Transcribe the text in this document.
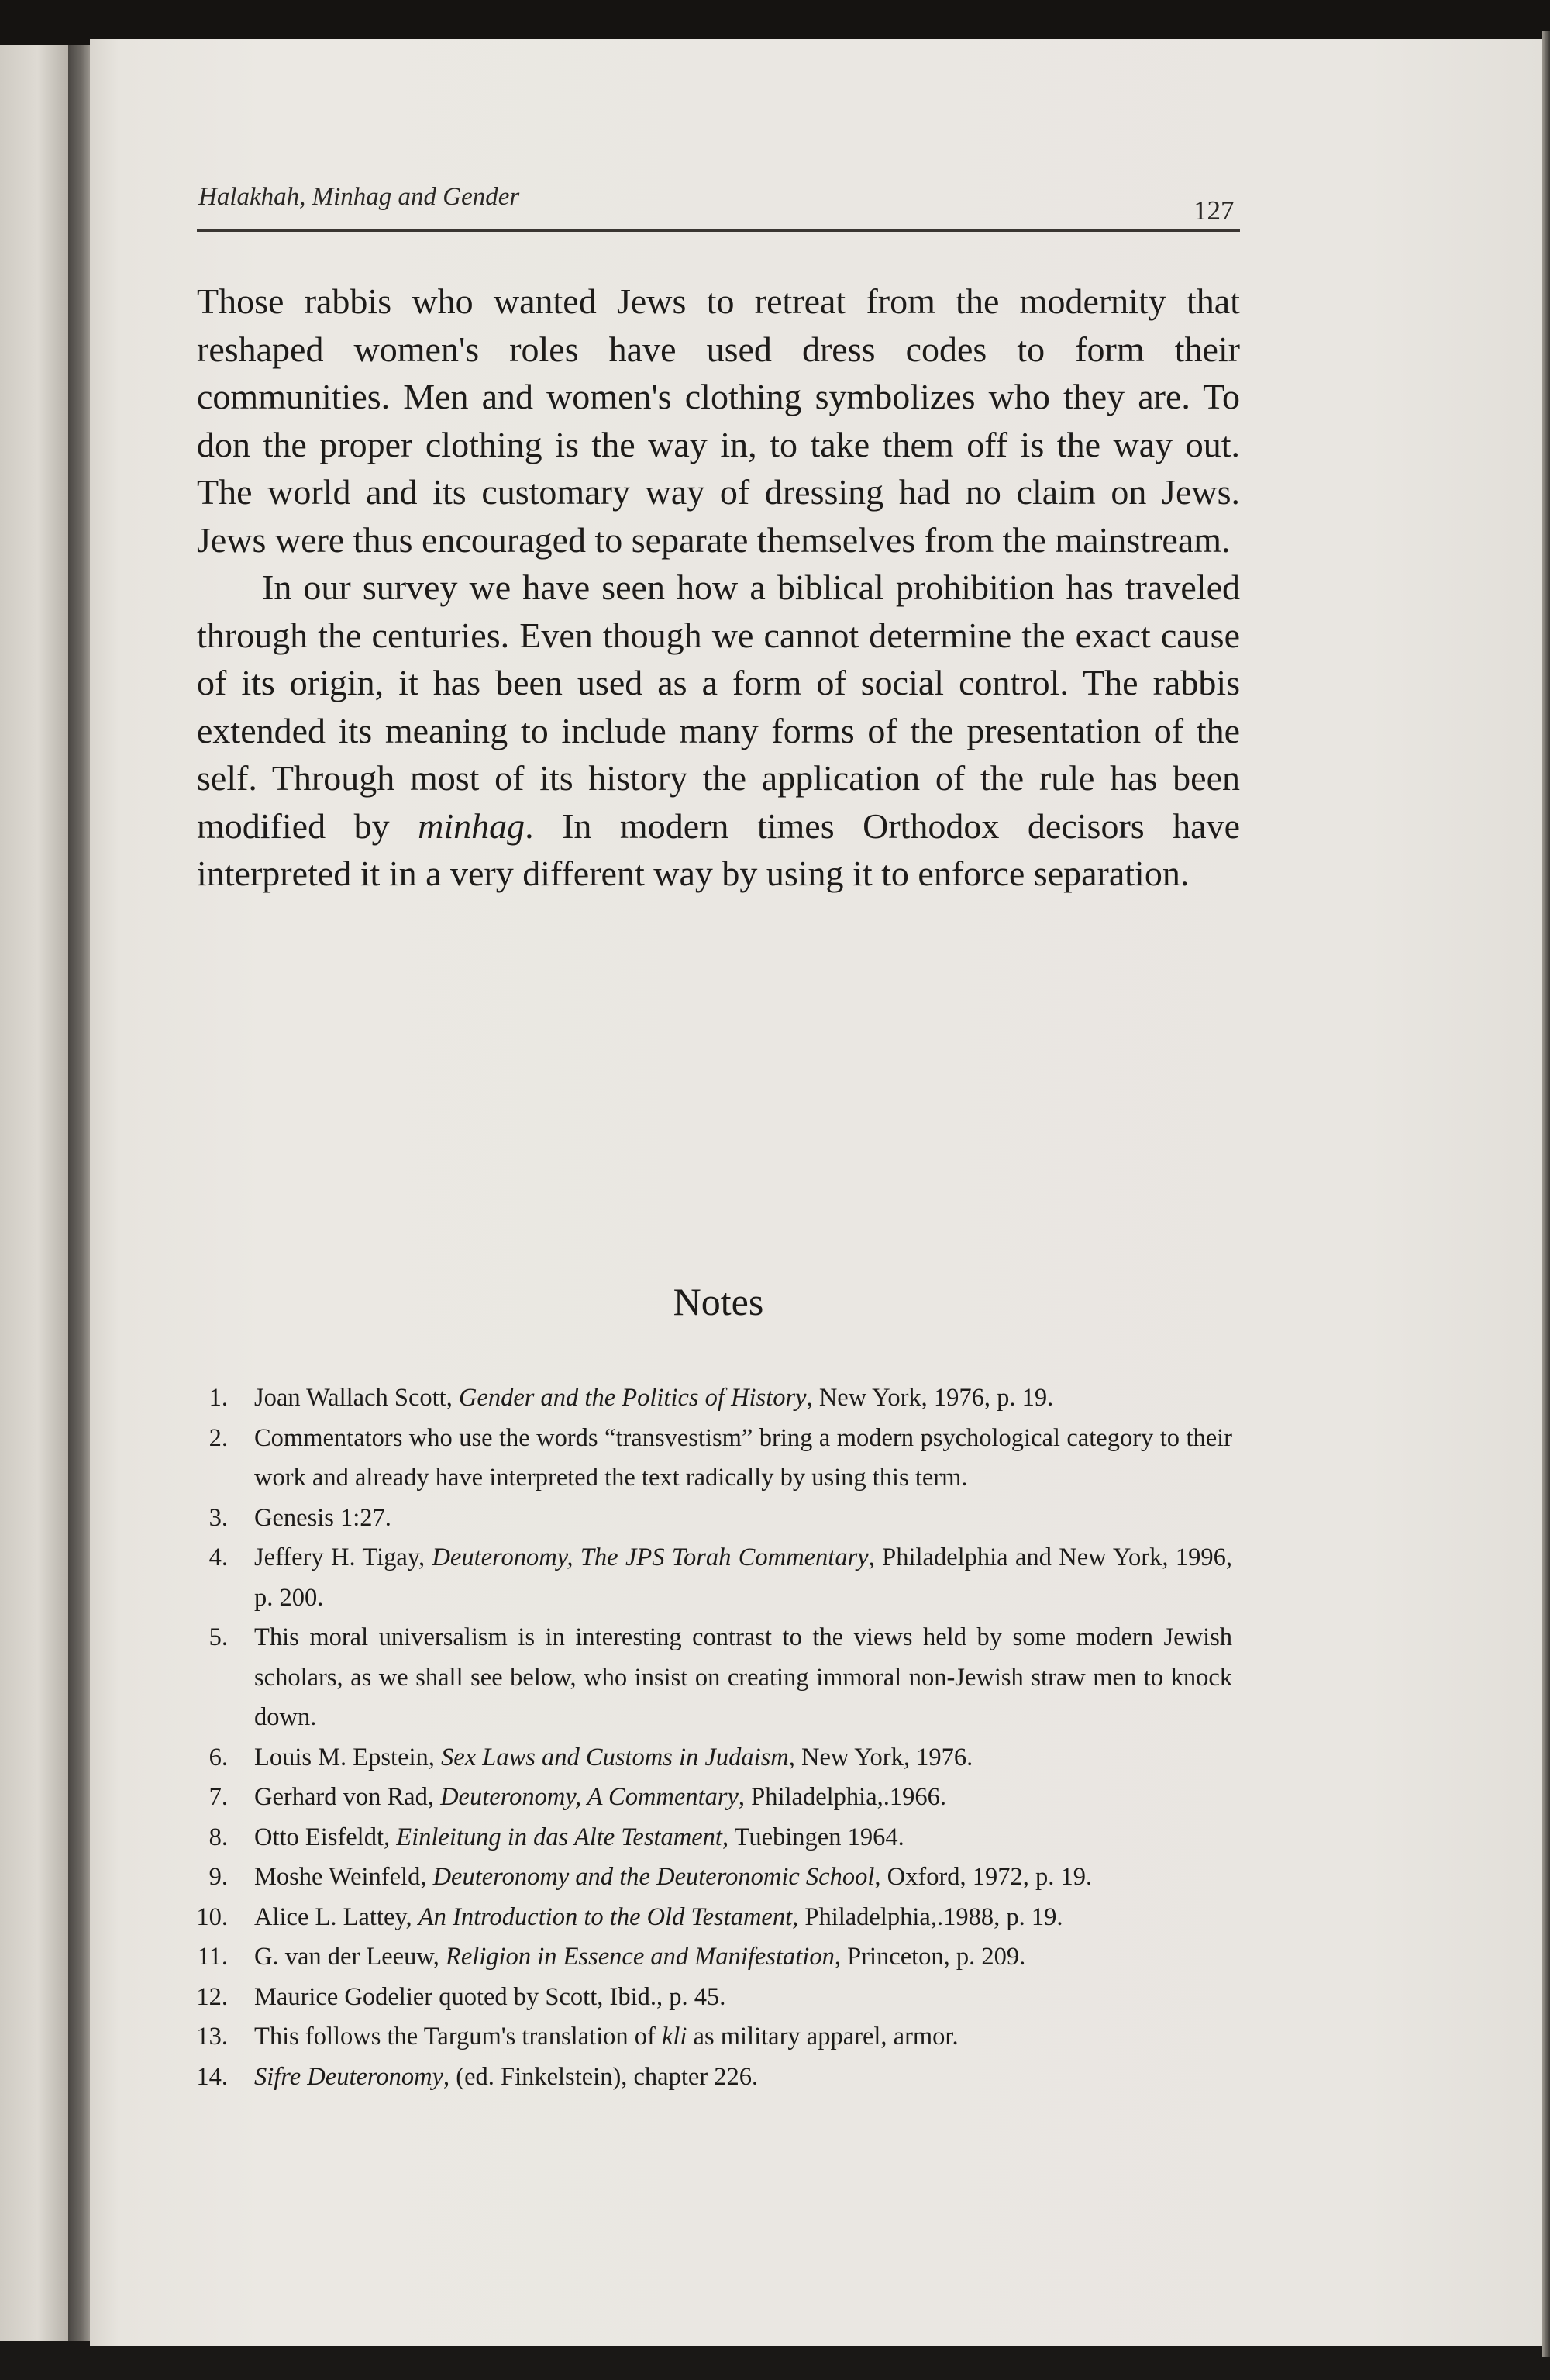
Halakhah, Minhag and Gender	127

Those rabbis who wanted Jews to retreat from the modernity that reshaped women's roles have used dress codes to form their communities. Men and women's clothing symbolizes who they are. To don the proper clothing is the way in, to take them off is the way out. The world and its customary way of dressing had no claim on Jews. Jews were thus encouraged to separate themselves from the mainstream.

In our survey we have seen how a biblical prohibition has traveled through the centuries. Even though we cannot determine the exact cause of its origin, it has been used as a form of social control. The rabbis extended its meaning to include many forms of the presentation of the self. Through most of its history the application of the rule has been modified by minhag. In modern times Orthodox decisors have interpreted it in a very different way by using it to enforce separation.

Notes
1. Joan Wallach Scott, Gender and the Politics of History, New York, 1976, p. 19.
2. Commentators who use the words “transvestism” bring a modern psychological category to their work and already have interpreted the text radically by using this term.
3. Genesis 1:27.
4. Jeffery H. Tigay, Deuteronomy, The JPS Torah Commentary, Philadelphia and New York, 1996, p. 200.
5. This moral universalism is in interesting contrast to the views held by some modern Jewish scholars, as we shall see below, who insist on creating immoral non-Jewish straw men to knock down.
6. Louis M. Epstein, Sex Laws and Customs in Judaism, New York, 1976.
7. Gerhard von Rad, Deuteronomy, A Commentary, Philadelphia,.1966.
8. Otto Eisfeldt, Einleitung in das Alte Testament, Tuebingen 1964.
9. Moshe Weinfeld, Deuteronomy and the Deuteronomic School, Oxford, 1972, p. 19.
10. Alice L. Lattey, An Introduction to the Old Testament, Philadelphia,.1988, p. 19.
11. G. van der Leeuw, Religion in Essence and Manifestation, Princeton, p. 209.
12. Maurice Godelier quoted by Scott, Ibid., p. 45.
13. This follows the Targum's translation of kli as military apparel, armor.
14. Sifre Deuteronomy, (ed. Finkelstein), chapter 226.
